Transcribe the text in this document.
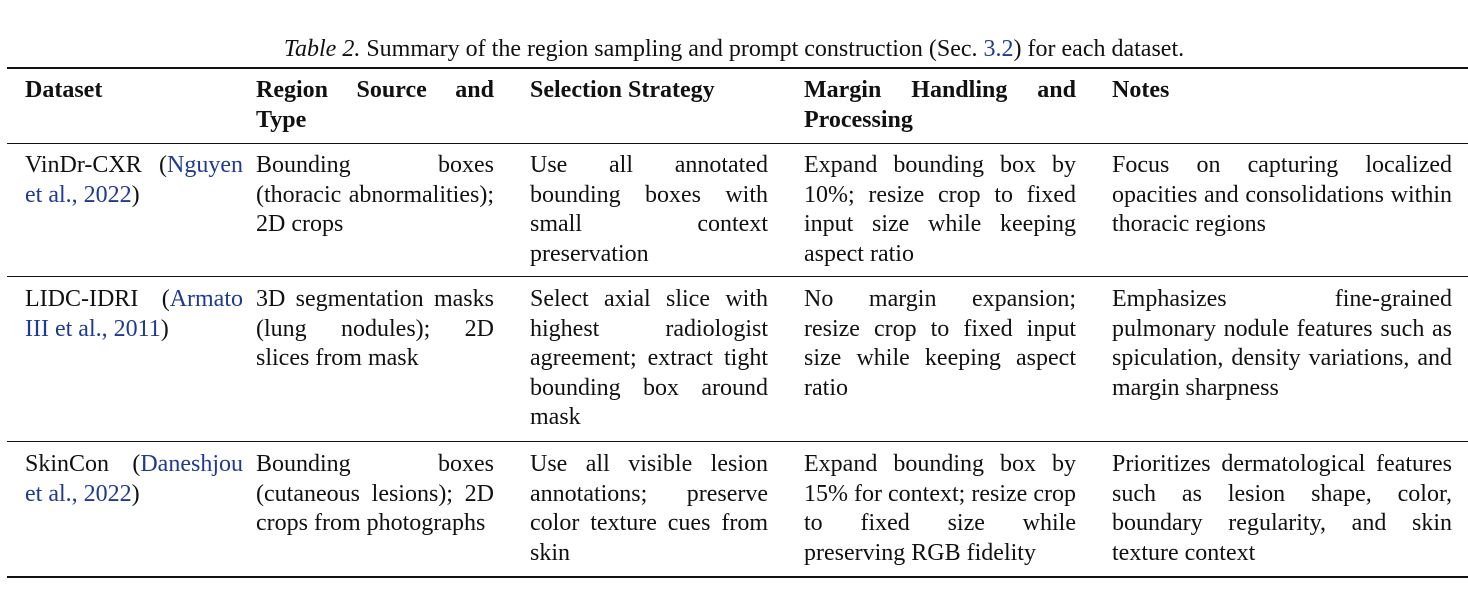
Table 2. Summary of the region sampling and prompt construction (Sec. 3.2) for each dataset.
Dataset	Region Source and Type
Selection Strategy	Margin Handling and Processing
Notes
VinDr-CXR (Nguyen et al., 2022)
Bounding boxes (thoracic abnormalities); 2D crops
Use all annotated bounding boxes with small context preservation
Expand bounding box by 10%; resize crop to fixed input size while keeping aspect ratio
Focus on capturing localized opacities and consolidations within thoracic regions
LIDC-IDRI (Armato III et al., 2011)
3D segmentation masks (lung nodules); 2D slices from mask
Select axial slice with highest radiologist agreement; extract tight bounding box around mask
No margin expansion; resize crop to fixed input size while keeping aspect ratio
Emphasizes fine-grained pulmonary nodule features such as spiculation, density variations, and margin sharpness
SkinCon (Daneshjou et al., 2022)
Bounding boxes (cutaneous lesions); 2D crops from photographs
Use all visible lesion annotations; preserve color texture cues from skin
Expand bounding box by 15% for context; resize crop to fixed size while preserving RGB fidelity
Prioritizes dermatological features such as lesion shape, color, boundary regularity, and skin texture context
